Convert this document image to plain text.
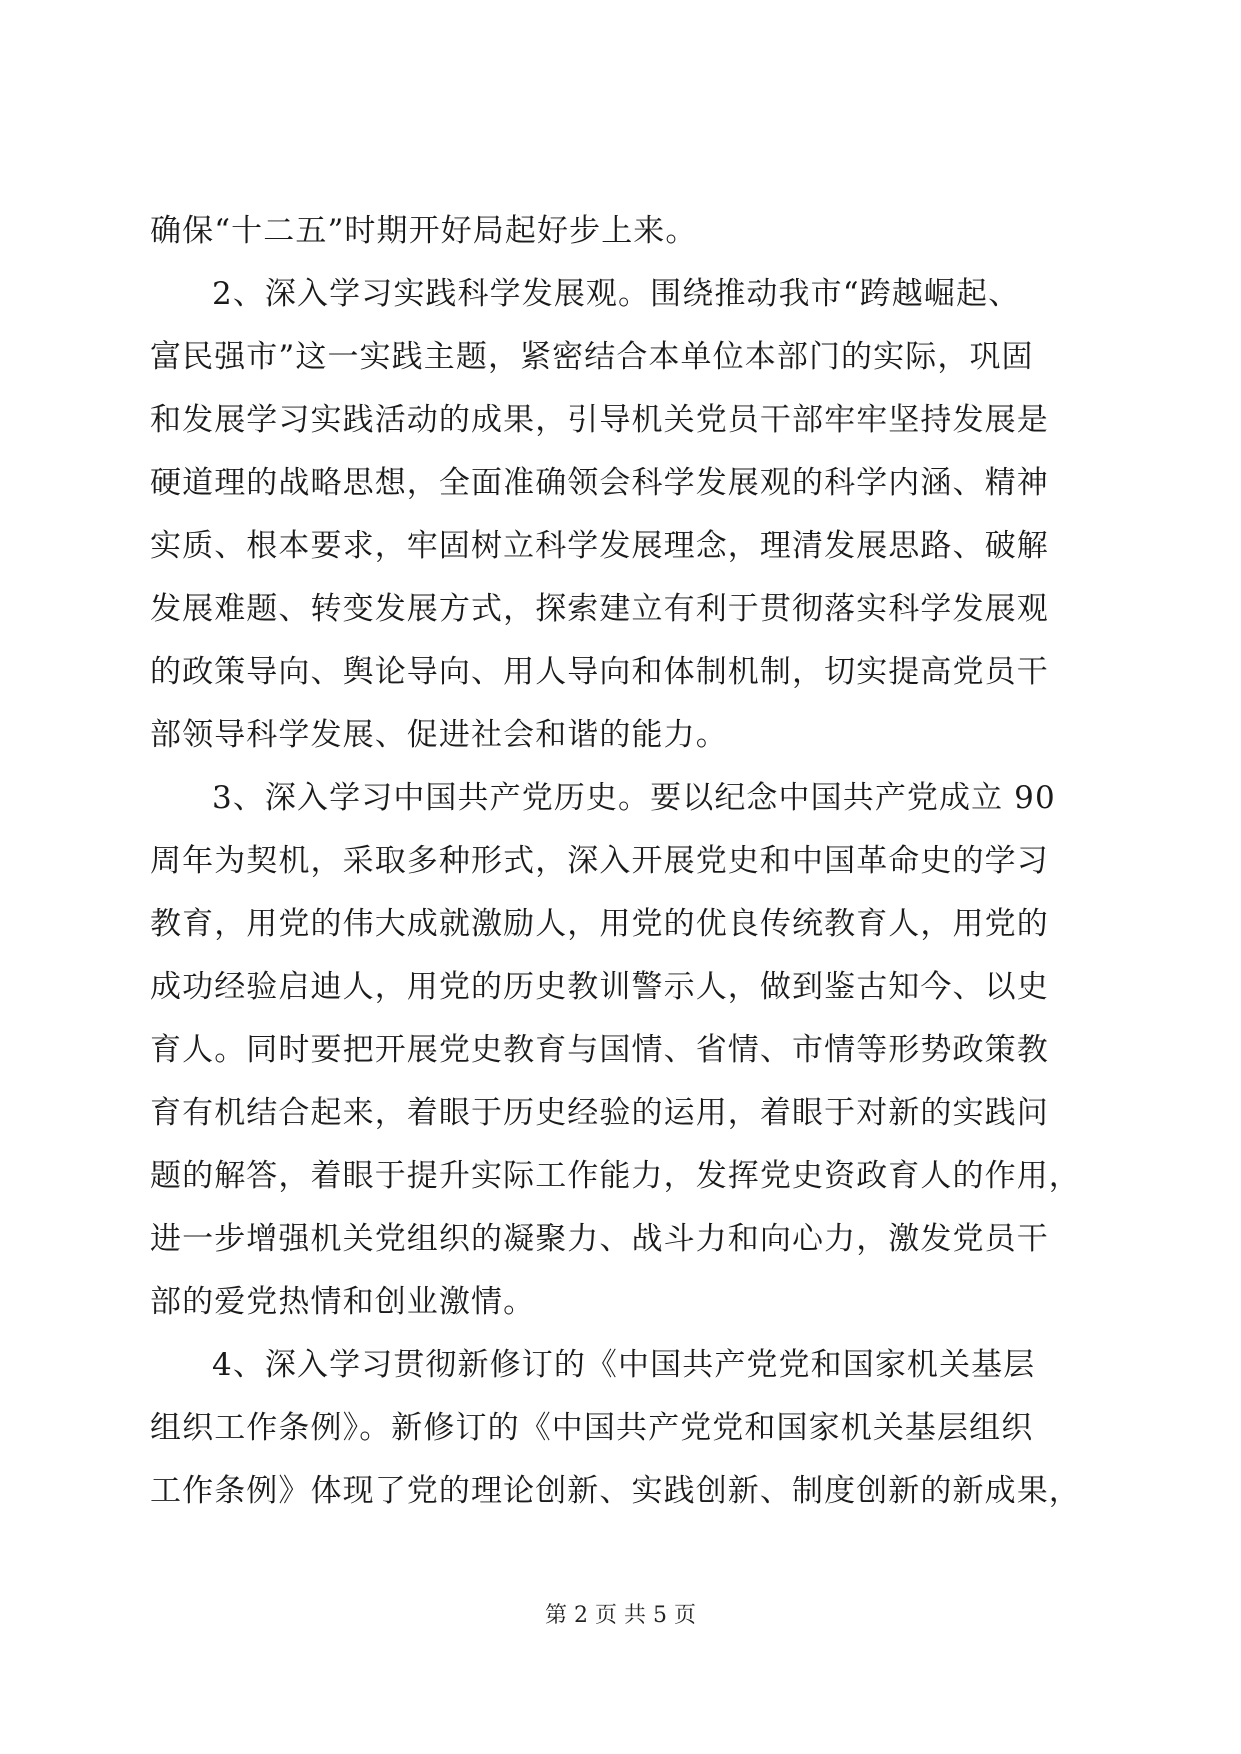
确保“十二五”时期开好局起好步上来。
2、深入学习实践科学发展观。围绕推动我市“跨越崛起、
富民强市”这一实践主题，紧密结合本单位本部门的实际，巩固
和发展学习实践活动的成果，引导机关党员干部牢牢坚持发展是
硬道理的战略思想，全面准确领会科学发展观的科学内涵、精神
实质、根本要求，牢固树立科学发展理念，理清发展思路、破解
发展难题、转变发展方式，探索建立有利于贯彻落实科学发展观
的政策导向、舆论导向、用人导向和体制机制，切实提高党员干
部领导科学发展、促进社会和谐的能力。
3、深入学习中国共产党历史。要以纪念中国共产党成立 90
周年为契机，采取多种形式，深入开展党史和中国革命史的学习
教育，用党的伟大成就激励人，用党的优良传统教育人，用党的
成功经验启迪人，用党的历史教训警示人，做到鉴古知今、以史
育人。同时要把开展党史教育与国情、省情、市情等形势政策教
育有机结合起来，着眼于历史经验的运用，着眼于对新的实践问
题的解答，着眼于提升实际工作能力，发挥党史资政育人的作用，
进一步增强机关党组织的凝聚力、战斗力和向心力，激发党员干
部的爱党热情和创业激情。
4、深入学习贯彻新修订的《中国共产党党和国家机关基层
组织工作条例》。新修订的《中国共产党党和国家机关基层组织
工作条例》体现了党的理论创新、实践创新、制度创新的新成果，
第 2 页 共 5 页
